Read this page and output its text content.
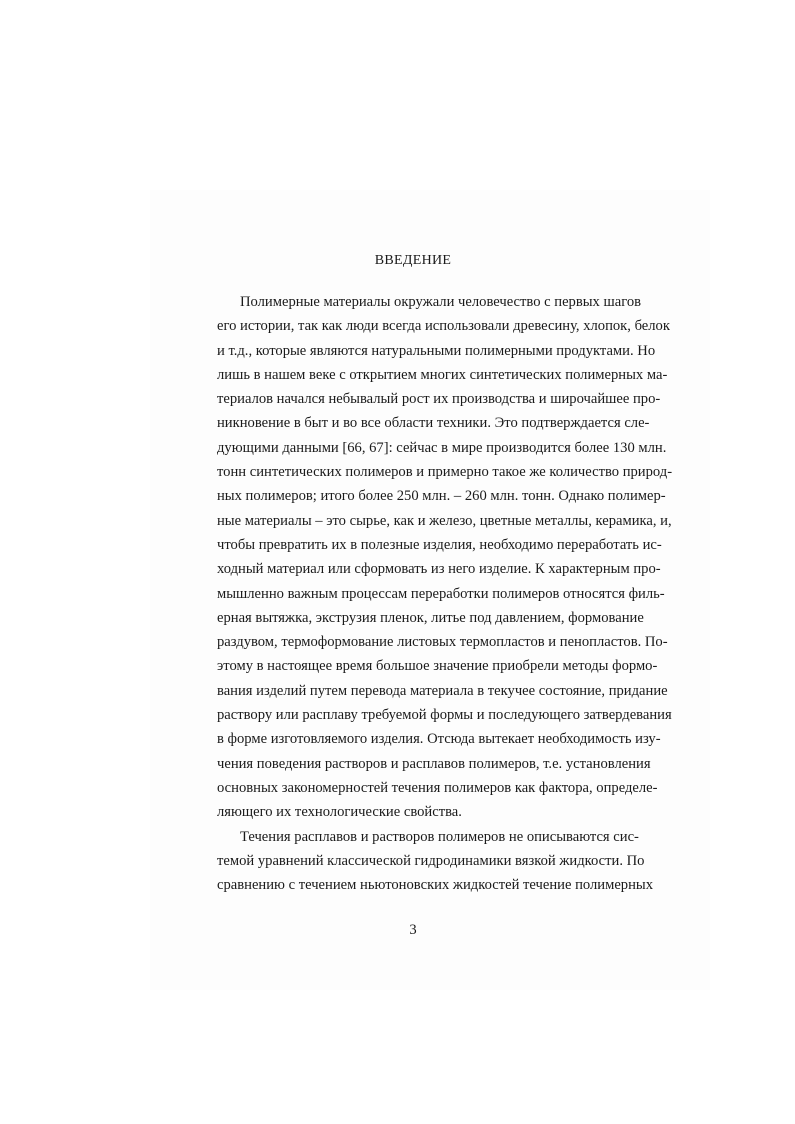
ВВЕДЕНИЕ
Полимерные материалы окружали человечество с первых шагов
его истории, так как люди всегда использовали древесину, хлопок, белок
и т.д., которые являются натуральными полимерными продуктами. Но
лишь в нашем веке с открытием многих синтетических полимерных ма-
териалов начался небывалый рост их производства и широчайшее про-
никновение в быт и во все области техники. Это подтверждается сле-
дующими данными [66, 67]: сейчас в мире производится более 130 млн.
тонн синтетических полимеров и примерно такое же количество природ-
ных полимеров; итого более 250 млн. – 260 млн. тонн. Однако полимер-
ные материалы – это сырье, как и железо, цветные металлы, керамика, и,
чтобы превратить их в полезные изделия, необходимо переработать ис-
ходный материал или сформовать из него изделие. К характерным про-
мышленно важным процессам переработки полимеров относятся филь-
ерная вытяжка, экструзия пленок, литье под давлением, формование
раздувом, термоформование листовых термопластов и пенопластов. По-
этому в настоящее время большое значение приобрели методы формо-
вания изделий путем перевода материала в текучее состояние, придание
раствору или расплаву требуемой формы и последующего затвердевания
в форме изготовляемого изделия. Отсюда вытекает необходимость изу-
чения поведения растворов и расплавов полимеров, т.е. установления
основных закономерностей течения полимеров как фактора, определе-
ляющего их технологические свойства.
Течения расплавов и растворов полимеров не описываются сис-
темой уравнений классической гидродинамики вязкой жидкости. По
сравнению с течением ньютоновских жидкостей течение полимерных
3
